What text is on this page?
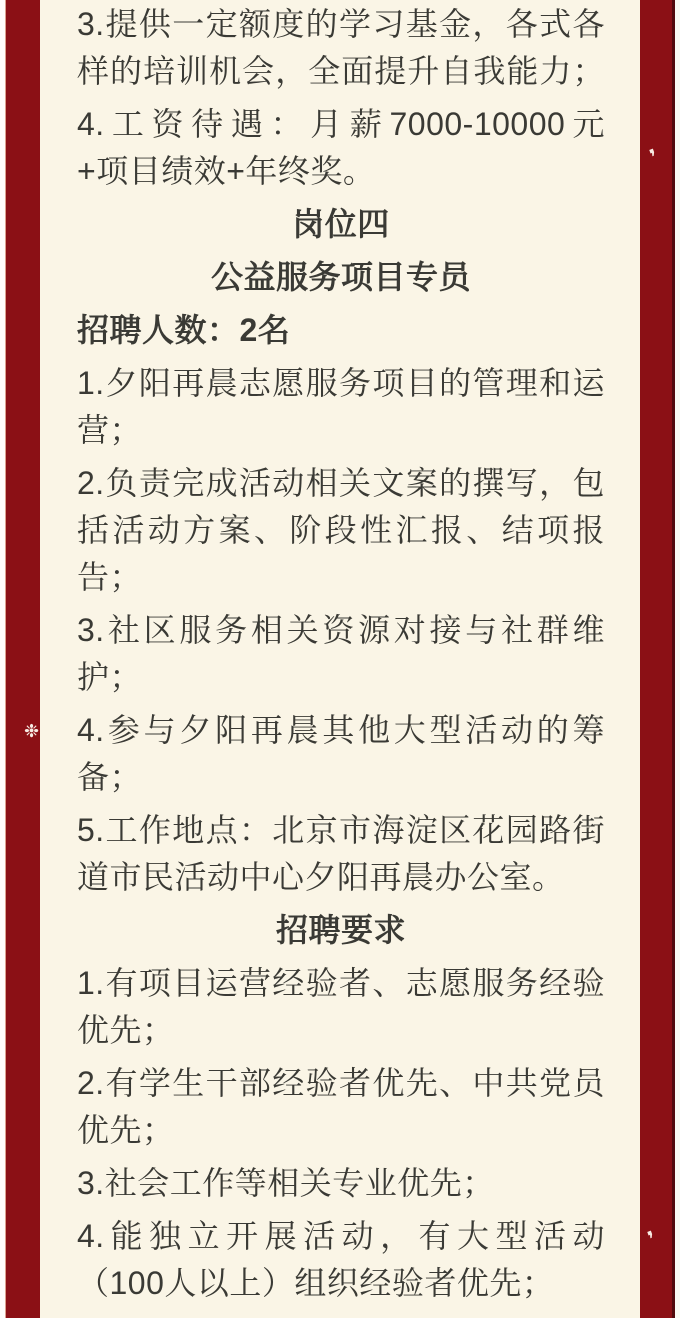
❉
3.提供一定额度的学习基金，各式各
样的培训机会，全面提升自我能力；
4.工资待遇：月薪7000-10000元
+项目绩效+年终奖。
岗位四
公益服务项目专员
招聘人数：2名
1.夕阳再晨志愿服务项目的管理和运
营；
2.负责完成活动相关文案的撰写，包
括活动方案、阶段性汇报、结项报
告；
3.社区服务相关资源对接与社群维
护；
4.参与夕阳再晨其他大型活动的筹
备；
5.工作地点：北京市海淀区花园路街
道市民活动中心夕阳再晨办公室。
招聘要求
1.有项目运营经验者、志愿服务经验
优先；
2.有学生干部经验者优先、中共党员
优先；
3.社会工作等相关专业优先；
4.能独立开展活动，有大型活动
（100人以上）组织经验者优先；
❜
❜
